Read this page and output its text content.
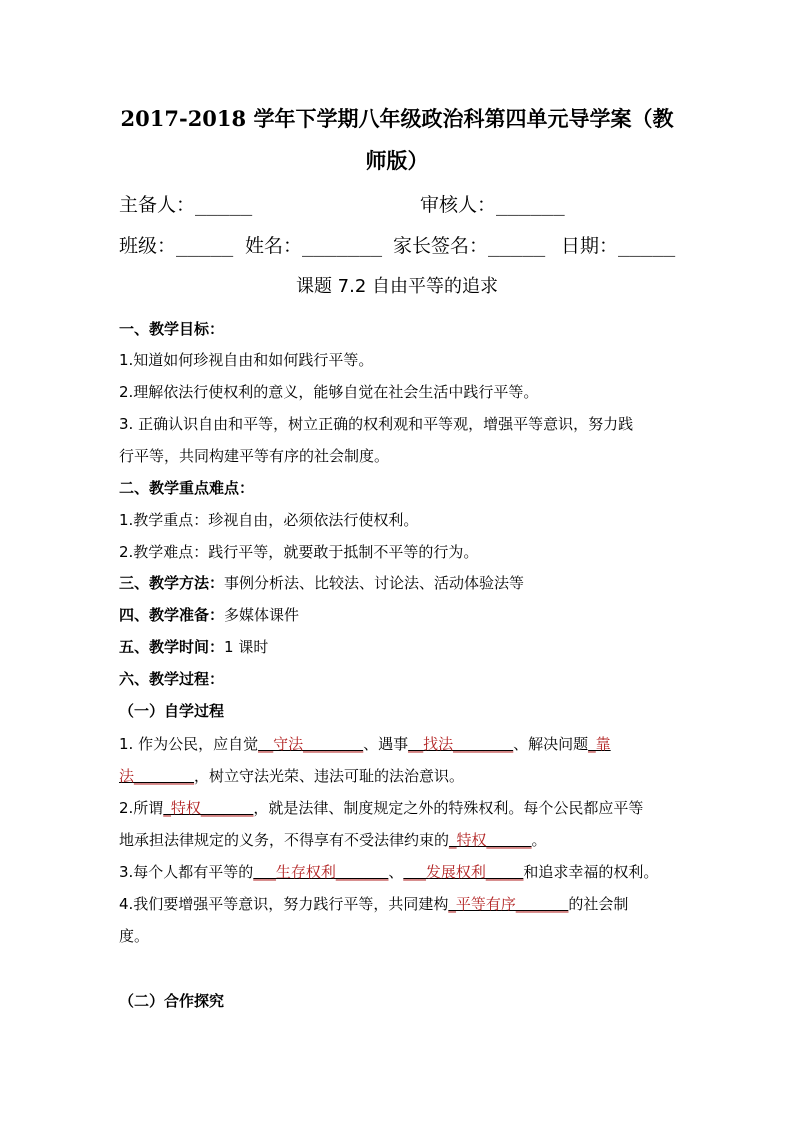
2017-2018 学年下学期八年级政治科第四单元导学案（教
师版）
主备人：_____	审核人：______
班级：_____ 姓名：_______ 家长签名：_____ 日期：_____
课题 7.2 自由平等的追求
一、教学目标：
1.知道如何珍视自由和如何践行平等。
2.理解依法行使权利的意义，能够自觉在社会生活中践行平等。
3. 正确认识自由和平等，树立正确的权利观和平等观，增强平等意识，努力践
行平等，共同构建平等有序的社会制度。
二、教学重点难点：
1.教学重点：珍视自由，必须依法行使权利。
2.教学难点：践行平等，就要敢于抵制不平等的行为。
三、教学方法：事例分析法、比较法、讨论法、活动体验法等
四、教学准备：多媒体课件
五、教学时间：1 课时
六、教学过程：
（一）自学过程
1. 作为公民，应自觉__守法________、遇事__找法________、解决问题_靠
法________，树立守法光荣、违法可耻的法治意识。
2.所谓_特权_______，就是法律、制度规定之外的特殊权利。每个公民都应平等
地承担法律规定的义务，不得享有不受法律约束的_特权______。
3.每个人都有平等的___生存权利_______、___发展权利_____和追求幸福的权利。
4.我们要增强平等意识，努力践行平等，共同建构_平等有序_______的社会制
度。
（二）合作探究
